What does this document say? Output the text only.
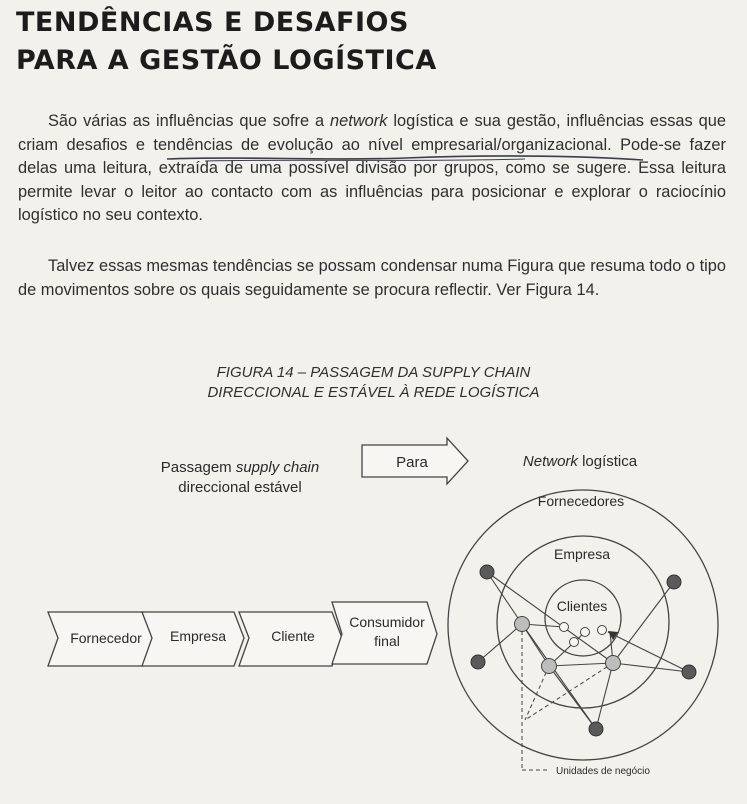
TENDÊNCIAS E DESAFIOS
PARA A GESTÃO LOGÍSTICA

São várias as influências que sofre a network logística e sua gestão, influências essas que criam desafios e tendências de evolução ao nível empresarial/organizacional. Pode-se fazer delas uma leitura, extraída de uma possível divisão por grupos, como se sugere. Essa leitura permite levar o leitor ao contacto com as influências para posicionar e explorar o raciocínio logístico no seu contexto.

Talvez essas mesmas tendências se possam condensar numa Figura que resuma todo o tipo de movimentos sobre os quais seguidamente se procura reflectir. Ver Figura 14.

FIGURA 14 – PASSAGEM DA SUPPLY CHAIN
DIRECCIONAL E ESTÁVEL À REDE LOGÍSTICA

Passagem supply chain
direccional estável
Para	Network logística
Fornecedor Empresa	Cliente
Consumidor
final
Fornecedores
Empresa
Clientes
Unidades de negócio
